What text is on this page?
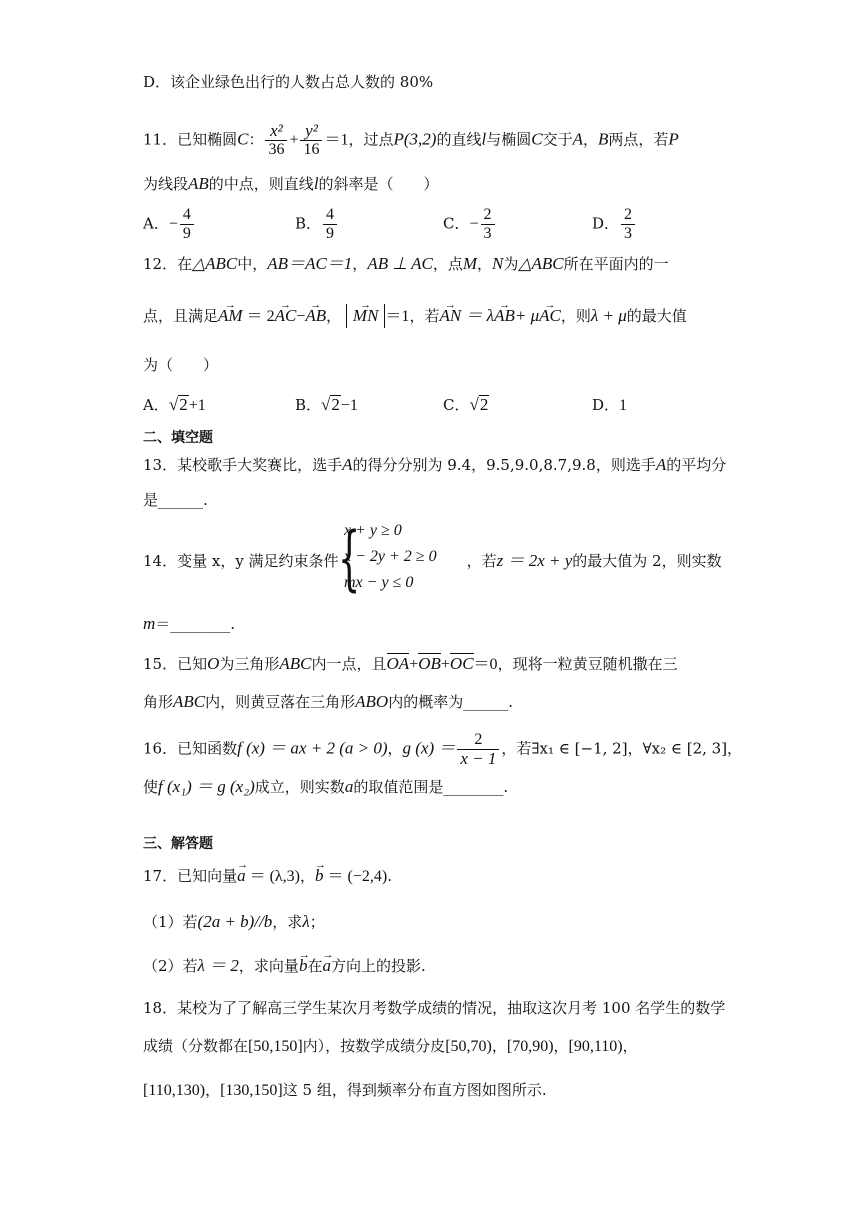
D．该企业绿色出行的人数占总人数的 80%
11．已知椭圆C： $\frac{\text{x²}}{36} + \frac{\text{y²}}{16} =1$，过点P(3,2)的直线l与椭圆C交于A，B两点，若P
为线段AB的中点，则直线l的斜率是（　　）
A．− $\frac{4}{9}$	B． $\frac{4}{9}$	C．− $\frac{2}{3}$	D． $\frac{2}{3}$
12．在△ABC中，AB＝AC＝1，AB ⊥ AC，点M，N为△ABC所在平面内的一
点，且满足→ AM ＝ 2→ AC−→ AB， → MN ＝1，若→ AN ＝ λ→ AB+ μ→ AC，则λ + μ的最大值
为（　　）
A．√2+1	B．√2−1	C．√2	D．1
二、填空题
13．某校歌手大奖赛比，选手A的得分分别为 9.4，9.5,9.0,8.7,9.8，则选手A的平均分
是______.
14．变量 x，y 满足约束条件	，若z ＝ 2x + y的最大值为 2，则实数
{
x + y ≥ 0
x − 2y + 2 ≥ 0
mx − y ≤ 0
m＝________.
15．已知O为三角形ABC内一点，且OA+OB+OC＝0，现将一粒黄豆随机撒在三
角形ABC内，则黄豆落在三角形ABO内的概率为______.
16．已知函数f (x) ＝ ax + 2 (a > 0)，g $(x) = \frac{2}{x - 1}$ ，若∃x₁ ∈ [−1, 2]，∀x₂ ∈ [2, 3]，
使f (x₁) ＝ g (x₂)成立，则实数a的取值范围是________.
三、解答题
17．已知向量→ a ＝ (λ,3)，→ b ＝ (−2,4).
（1）若(2a + b)//b，求λ；
（2）若λ ＝ 2，求向量→ b在→ a方向上的投影.
18．某校为了了解高三学生某次月考数学成绩的情况，抽取这次月考 100 名学生的数学
成绩（分数都在[50,150]内），按数学成绩分皮[50,70)，[70,90)，[90,110)，
[110,130)，[130,150]这 5 组，得到频率分布直方图如图所示.
